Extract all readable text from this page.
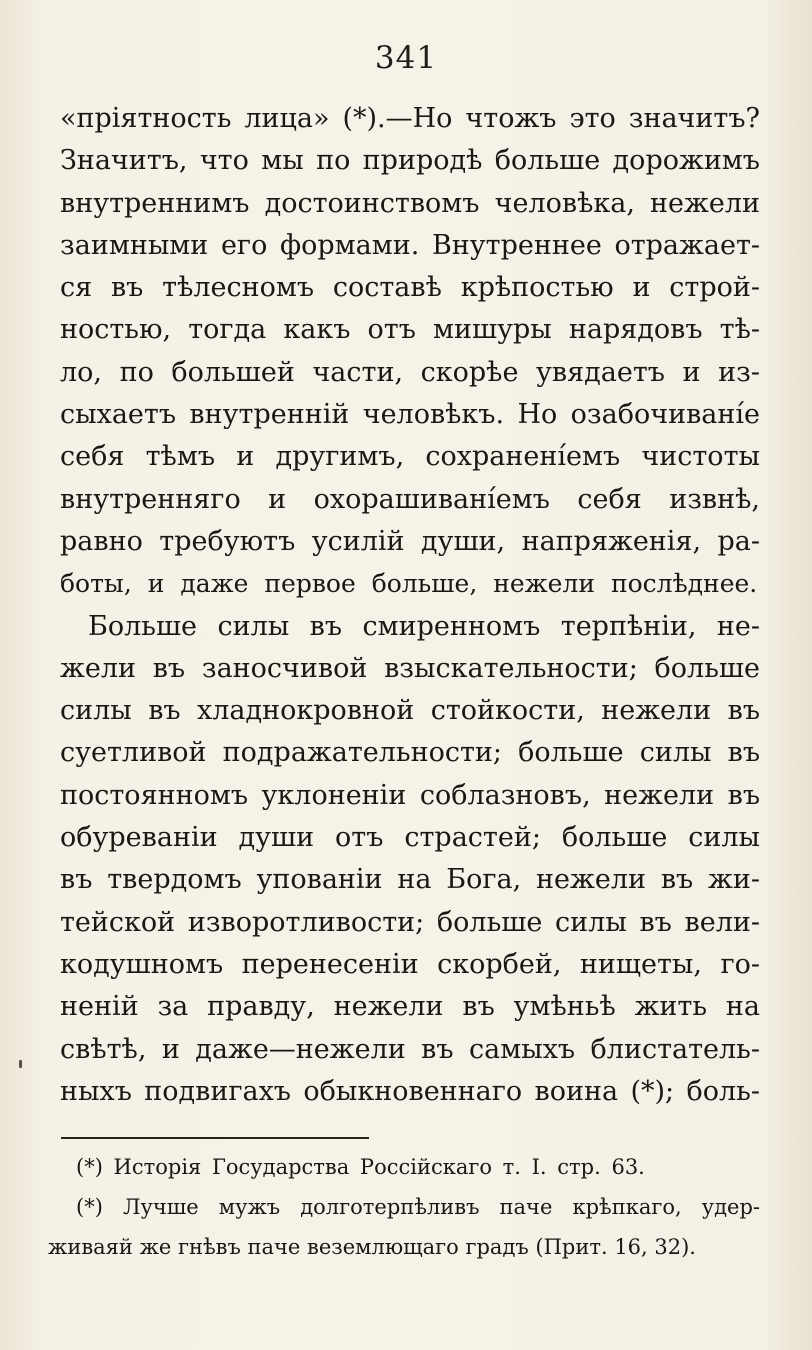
341
«пріятность лица» (*).—Но чтожъ это значитъ?
Значитъ, что мы по природѣ больше дорожимъ
внутреннимъ достоинствомъ человѣка, нежели
заимными его формами. Внутреннее отражает-
ся въ тѣлесномъ составѣ крѣпостью и строй-
ностью, тогда какъ отъ мишуры нарядовъ тѣ-
ло, по большей части, скорѣе увядаетъ и из-
сыхаетъ внутренній человѣкъ. Но озабочиванíе
себя тѣмъ и другимъ, сохраненíемъ чистоты
внутренняго и охорашиванíемъ себя извнѣ,
равно требуютъ усилій души, напряженія, ра-
боты, и даже первое больше, нежели послѣднее.
Больше силы въ смиренномъ терпѣніи, не-
жели въ заносчивой взыскательности; больше
силы въ хладнокровной стойкости, нежели въ
суетливой подражательности; больше силы въ
постоянномъ уклоненіи соблазновъ, нежели въ
обуреваніи души отъ страстей; больше силы
въ твердомъ упованіи на Бога, нежели въ жи-
тейской изворотливости; больше силы въ вели-
кодушномъ перенесеніи скорбей, нищеты, го-
неній за правду, нежели въ умѣньѣ жить на
свѣтѣ, и даже—нежели въ самыхъ блистатель-
ныхъ подвигахъ обыкновеннаго воина (*); боль-
(*) Исторія Государства Россійскаго т. I. стр. 63.
(*) Лучше мужъ долготерпѣливъ паче крѣпкаго, удер-
живаяй же гнѣвъ паче веземлющаго градъ (Прит. 16, 32).
